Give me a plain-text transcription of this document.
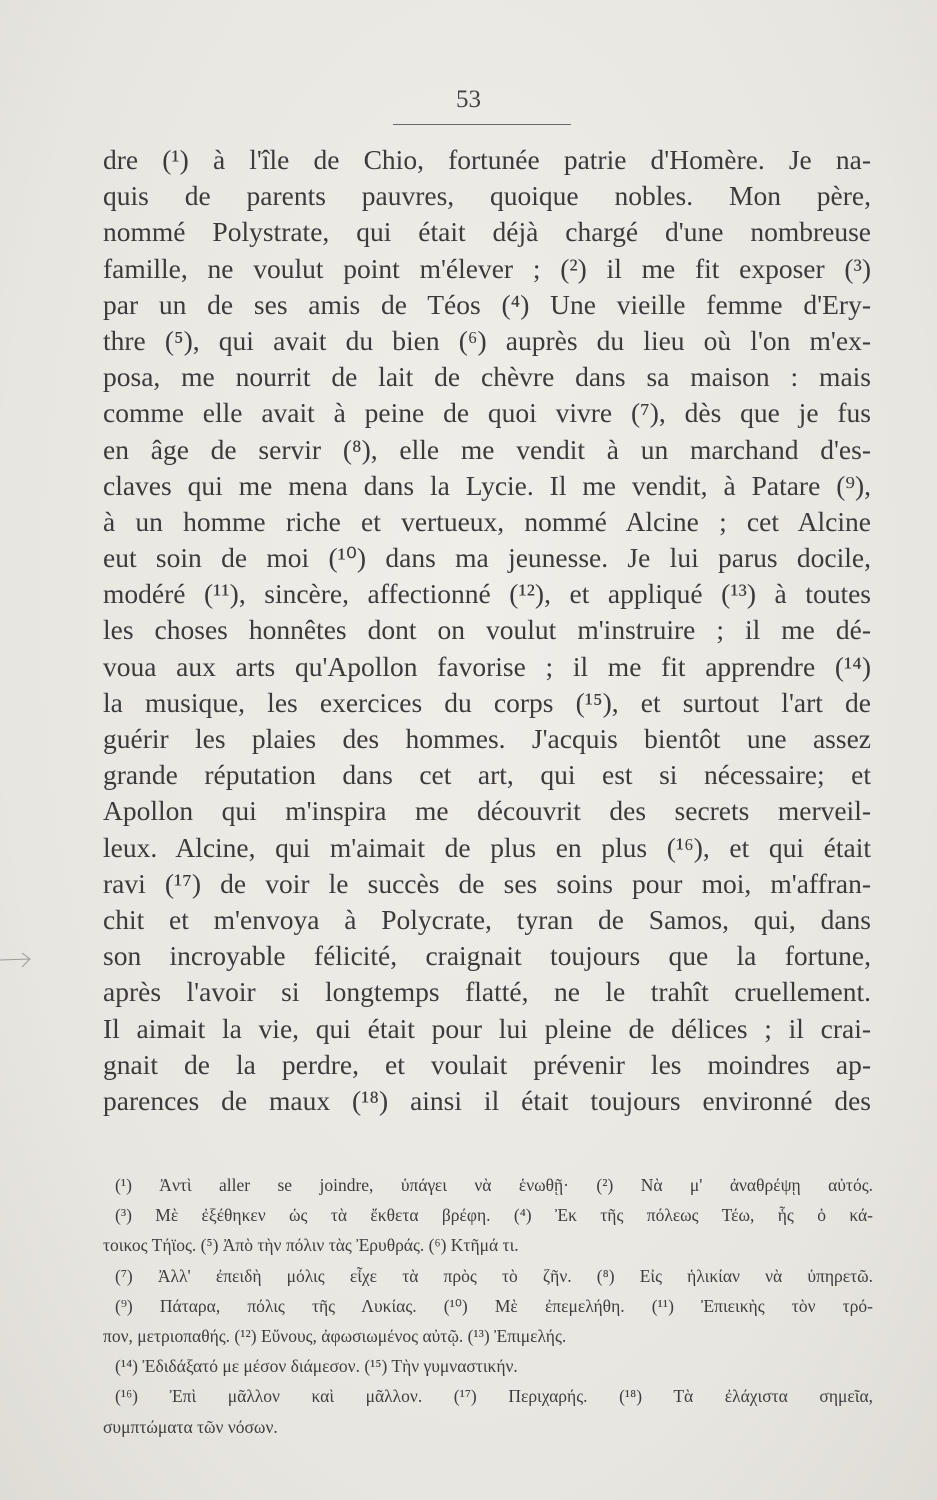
53
dre (¹) à l'île de Chio, fortunée patrie d'Homère. Je na-
quis de parents pauvres, quoique nobles. Mon père,
nommé Polystrate, qui était déjà chargé d'une nombreuse
famille, ne voulut point m'élever ; (²) il me fit exposer (³)
par un de ses amis de Téos (⁴) Une vieille femme d'Ery-
thre (⁵), qui avait du bien (⁶) auprès du lieu où l'on m'ex-
posa, me nourrit de lait de chèvre dans sa maison : mais
comme elle avait à peine de quoi vivre (⁷), dès que je fus
en âge de servir (⁸), elle me vendit à un marchand d'es-
claves qui me mena dans la Lycie. Il me vendit, à Patare (⁹),
à un homme riche et vertueux, nommé Alcine ; cet Alcine
eut soin de moi (¹⁰) dans ma jeunesse. Je lui parus docile,
modéré (¹¹), sincère, affectionné (¹²), et appliqué (¹³) à toutes
les choses honnêtes dont on voulut m'instruire ; il me dé-
voua aux arts qu'Apollon favorise ; il me fit apprendre (¹⁴)
la musique, les exercices du corps (¹⁵), et surtout l'art de
guérir les plaies des hommes. J'acquis bientôt une assez
grande réputation dans cet art, qui est si nécessaire; et
Apollon qui m'inspira me découvrit des secrets merveil-
leux. Alcine, qui m'aimait de plus en plus (¹⁶), et qui était
ravi (¹⁷) de voir le succès de ses soins pour moi, m'affran-
chit et m'envoya à Polycrate, tyran de Samos, qui, dans
son incroyable félicité, craignait toujours que la fortune,
après l'avoir si longtemps flatté, ne le trahît cruellement.
Il aimait la vie, qui était pour lui pleine de délices ; il crai-
gnait de la perdre, et voulait prévenir les moindres ap-
parences de maux (¹⁸) ainsi il était toujours environné des
(¹) Ἀντὶ aller se joindre, ὑπάγει νὰ ἑνωθῇ· (²) Νὰ μ' ἀναθρέψῃ αὐτός.
(³) Μὲ ἐξέθηκεν ὡς τὰ ἔκθετα βρέφη. (⁴) Ἐκ τῆς πόλεως Τέω, ἧς ὁ κά-
τοικος Τήϊος. (⁵) Ἀπὸ τὴν πόλιν τὰς Ἐρυθράς. (⁶) Κτῆμά τι.
(⁷) Ἀλλ' ἐπειδὴ μόλις εἶχε τὰ πρὸς τὸ ζῆν. (⁸) Εἰς ἡλικίαν νὰ ὑπηρετῶ.
(⁹) Πάταρα, πόλις τῆς Λυκίας. (¹⁰) Μὲ ἐπεμελήθη. (¹¹) Ἐπιεικὴς τὸν τρό-
πον, μετριοπαθής. (¹²) Εὔνους, ἀφωσιωμένος αὐτῷ. (¹³) Ἐπιμελής.
(¹⁴) Ἐδιδάξατό με μέσον διάμεσον. (¹⁵) Τὴν γυμναστικήν.
(¹⁶) Ἐπὶ μᾶλλον καὶ μᾶλλον. (¹⁷) Περιχαρής. (¹⁸) Τὰ ἐλάχιστα σημεῖα,
συμπτώματα τῶν νόσων.
